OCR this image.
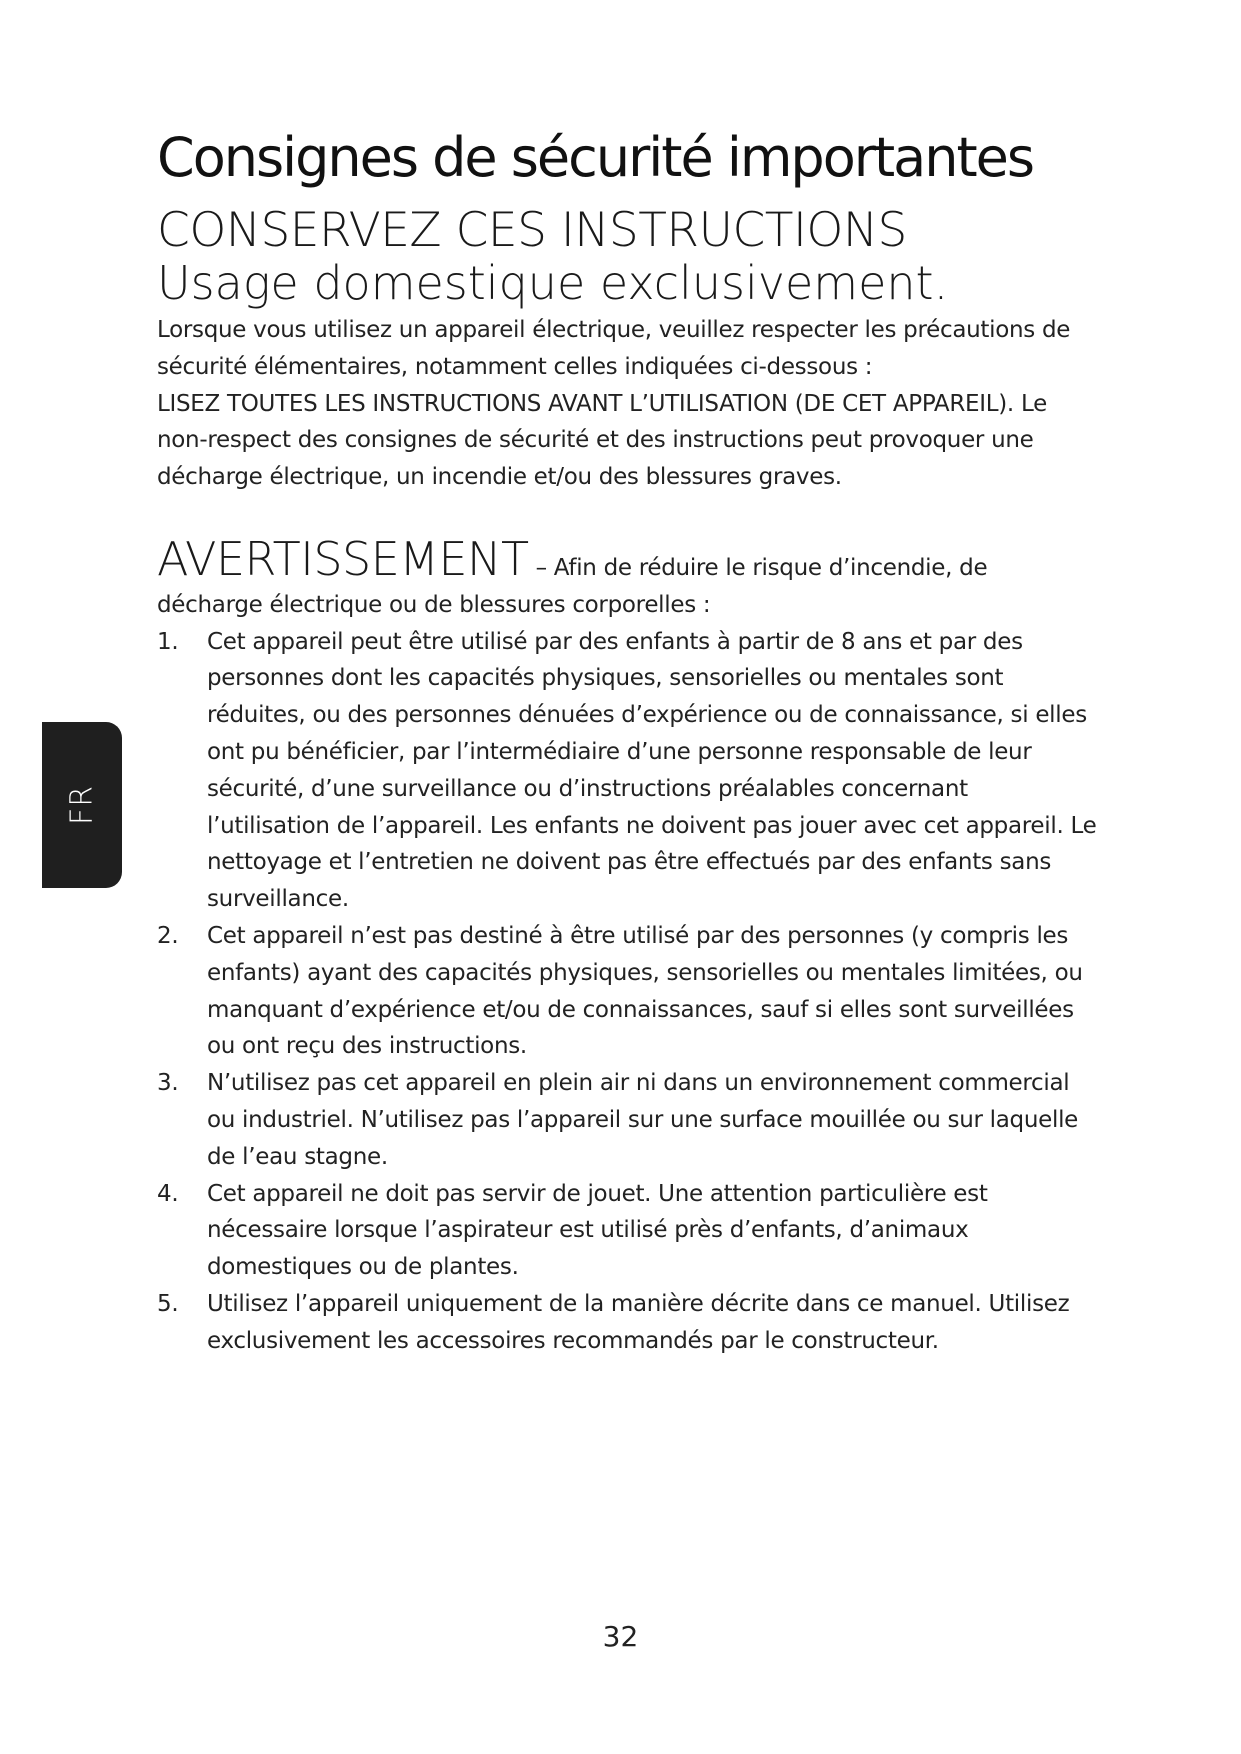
FR
Consignes de sécurité importantes

CONSERVEZ CES INSTRUCTIONS

Usage domestique exclusivement.

Lorsque vous utilisez un appareil électrique, veuillez respecter les précautions de sécurité élémentaires, notamment celles indiquées ci-dessous :

LISEZ TOUTES LES INSTRUCTIONS AVANT L’UTILISATION (DE CET APPAREIL). Le non-respect des consignes de sécurité et des instructions peut provoquer une décharge électrique, un incendie et/ou des blessures graves.

AVERTISSEMENT – Afin de réduire le risque d’incendie, de décharge électrique ou de blessures corporelles :

1. Cet appareil peut être utilisé par des enfants à partir de 8 ans et par des personnes dont les capacités physiques, sensorielles ou mentales sont réduites, ou des personnes dénuées d’expérience ou de connaissance, si elles ont pu bénéficier, par l’intermédiaire d’une personne responsable de leur sécurité, d’une surveillance ou d’instructions préalables concernant l’utilisation de l’appareil. Les enfants ne doivent pas jouer avec cet appareil. Le nettoyage et l’entretien ne doivent pas être effectués par des enfants sans surveillance.
2. Cet appareil n’est pas destiné à être utilisé par des personnes (y compris les enfants) ayant des capacités physiques, sensorielles ou mentales limitées, ou manquant d’expérience et/ou de connaissances, sauf si elles sont surveillées ou ont reçu des instructions.
3. N’utilisez pas cet appareil en plein air ni dans un environnement commercial ou industriel. N’utilisez pas l’appareil sur une surface mouillée ou sur laquelle de l’eau stagne.
4. Cet appareil ne doit pas servir de jouet. Une attention particulière est nécessaire lorsque l’aspirateur est utilisé près d’enfants, d’animaux domestiques ou de plantes.
5. Utilisez l’appareil uniquement de la manière décrite dans ce manuel. Utilisez exclusivement les accessoires recommandés par le constructeur.
32
